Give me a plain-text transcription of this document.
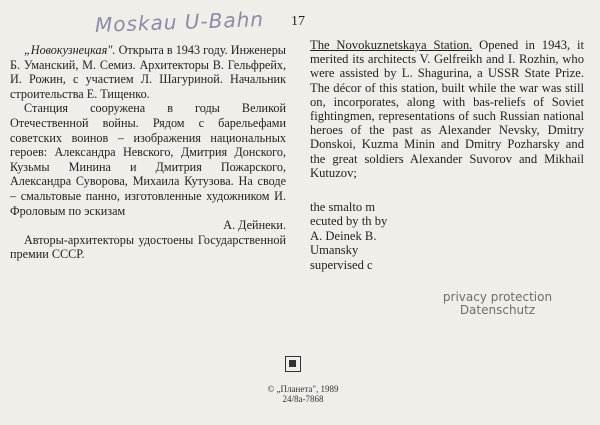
Moskau U-Bahn 17

„Новокузнецкая". Открыта в 1943 году. Инженеры Б. Уманский, М. Семиз. Архитекторы В. Гельфрейх, И. Рожин, с участием Л. Шагуриной. Начальник строительства Е. Тищенко.

Станция сооружена в годы Великой Отечественной войны. Рядом с барельефами советских воинов – изображения национальных героев: Александра Невского, Дмитрия Донского, Кузьмы Минина и Дмитрия Пожарского, Александра Суворова, Михаила Кутузова. На своде – смальтовые панно, изготовленные художником И. Фроловым по эскизам

А. Дейнеки.

Авторы-архитекторы удостоены Государственной премии СССР.

The Novokuznetskaya Station. Opened in 1943, it merited its architects V. Gelfreikh and I. Rozhin, who were assisted by L. Shagurina, a USSR State Prize. The décor of this station, built while the war was still on, incorporates, along with bas-reliefs of Soviet fightingmen, representations of such Russian national heroes of the past as Alexander Nevsky, Dmitry Donskoi, Kuzma Minin and Dmitry Pozharsky and the great soldiers Alexander Suvorov and Mikhail Kutuzov;

the smalto m ecuted by th by A. Deinek B. Umansky supervised c
privacy protection
Datenschutz
© „Планета", 1989
24/8а-7868
